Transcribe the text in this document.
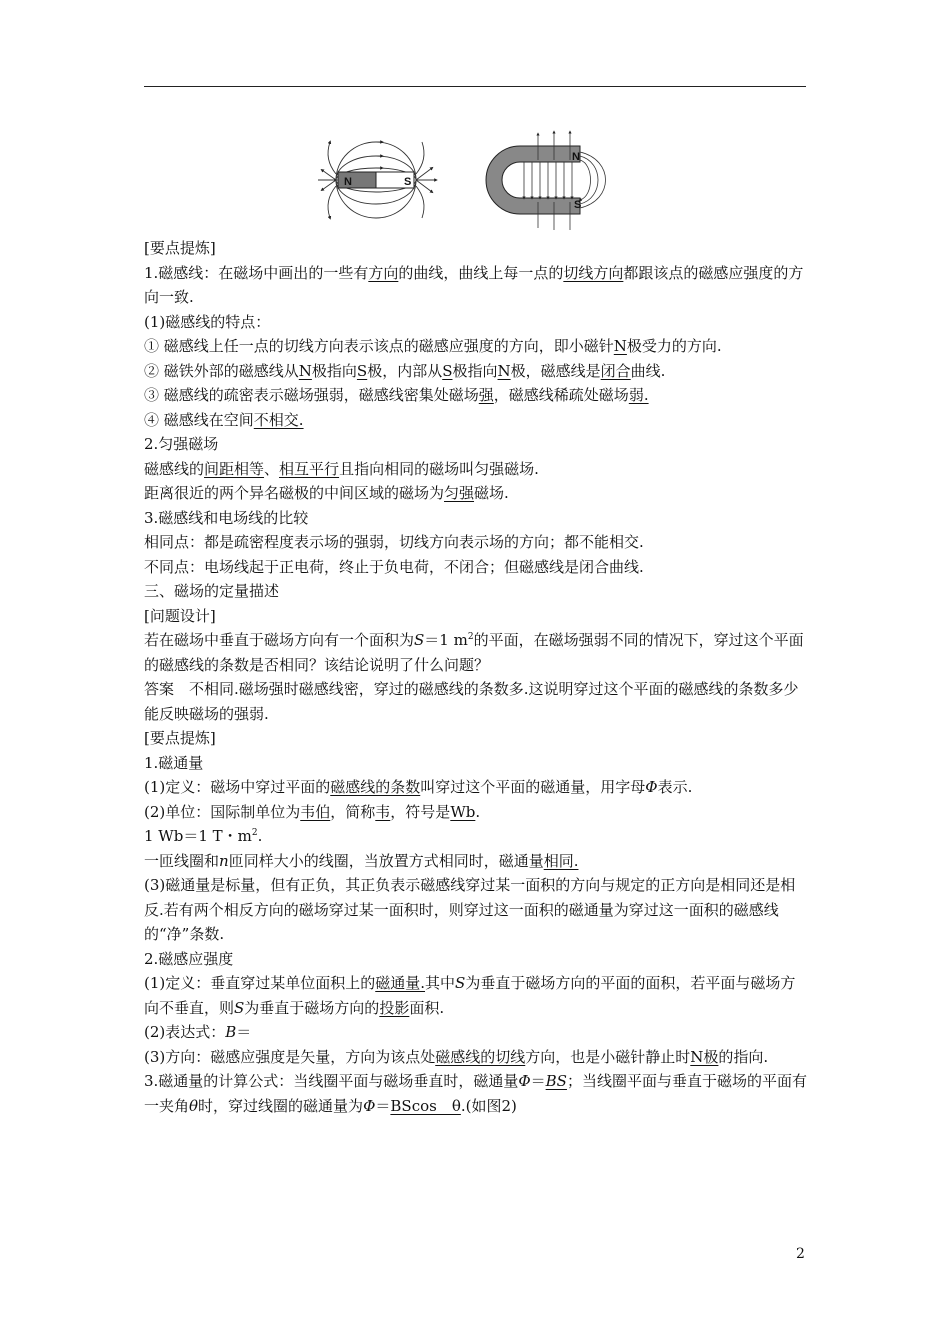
N	S
N
S

[要点提炼]

1.磁感线：在磁场中画出的一些有方向的曲线，曲线上每一点的切线方向都跟该点的磁感应强度的方向一致.

(1)磁感线的特点：

① 磁感线上任一点的切线方向表示该点的磁感应强度的方向，即小磁针N极受力的方向.

② 磁铁外部的磁感线从N极指向S极，内部从S极指向N极，磁感线是闭合曲线.

③ 磁感线的疏密表示磁场强弱，磁感线密集处磁场强，磁感线稀疏处磁场弱.

④ 磁感线在空间不相交.

2.匀强磁场

磁感线的间距相等、相互平行且指向相同的磁场叫匀强磁场.

距离很近的两个异名磁极的中间区域的磁场为匀强磁场.

3.磁感线和电场线的比较

相同点：都是疏密程度表示场的强弱，切线方向表示场的方向；都不能相交.

不同点：电场线起于正电荷，终止于负电荷，不闭合；但磁感线是闭合曲线.

三、磁场的定量描述

[问题设计]

若在磁场中垂直于磁场方向有一个面积为S＝1 $m^2$的平面，在磁场强弱不同的情况下，穿过这个平面的磁感线的条数是否相同？该结论说明了什么问题？

答案　不相同.磁场强时磁感线密，穿过的磁感线的条数多.这说明穿过这个平面的磁感线的条数多少能反映磁场的强弱.

[要点提炼]

1.磁通量

(1)定义：磁场中穿过平面的磁感线的条数叫穿过这个平面的磁通量，用字母Φ表示.

(2)单位：国际制单位为韦伯，简称韦，符号是Wb.

1 Wb＝1 T・$m^2$.

一匝线圈和n匝同样大小的线圈，当放置方式相同时，磁通量相同.

(3)磁通量是标量，但有正负，其正负表示磁感线穿过某一面积的方向与规定的正方向是相同还是相反.若有两个相反方向的磁场穿过某一面积时，则穿过这一面积的磁通量为穿过这一面积的磁感线的“净”条数.

2.磁感应强度

(1)定义：垂直穿过某单位面积上的磁通量.其中S为垂直于磁场方向的平面的面积，若平面与磁场方向不垂直，则S为垂直于磁场方向的投影面积.

(2)表达式：B＝

(3)方向：磁感应强度是矢量，方向为该点处磁感线的切线方向，也是小磁针静止时N极的指向.

3.磁通量的计算公式：当线圈平面与磁场垂直时，磁通量Φ＝BS；当线圈平面与垂直于磁场的平面有一夹角θ时，穿过线圈的磁通量为Φ＝BScos　θ.(如图2)

2
